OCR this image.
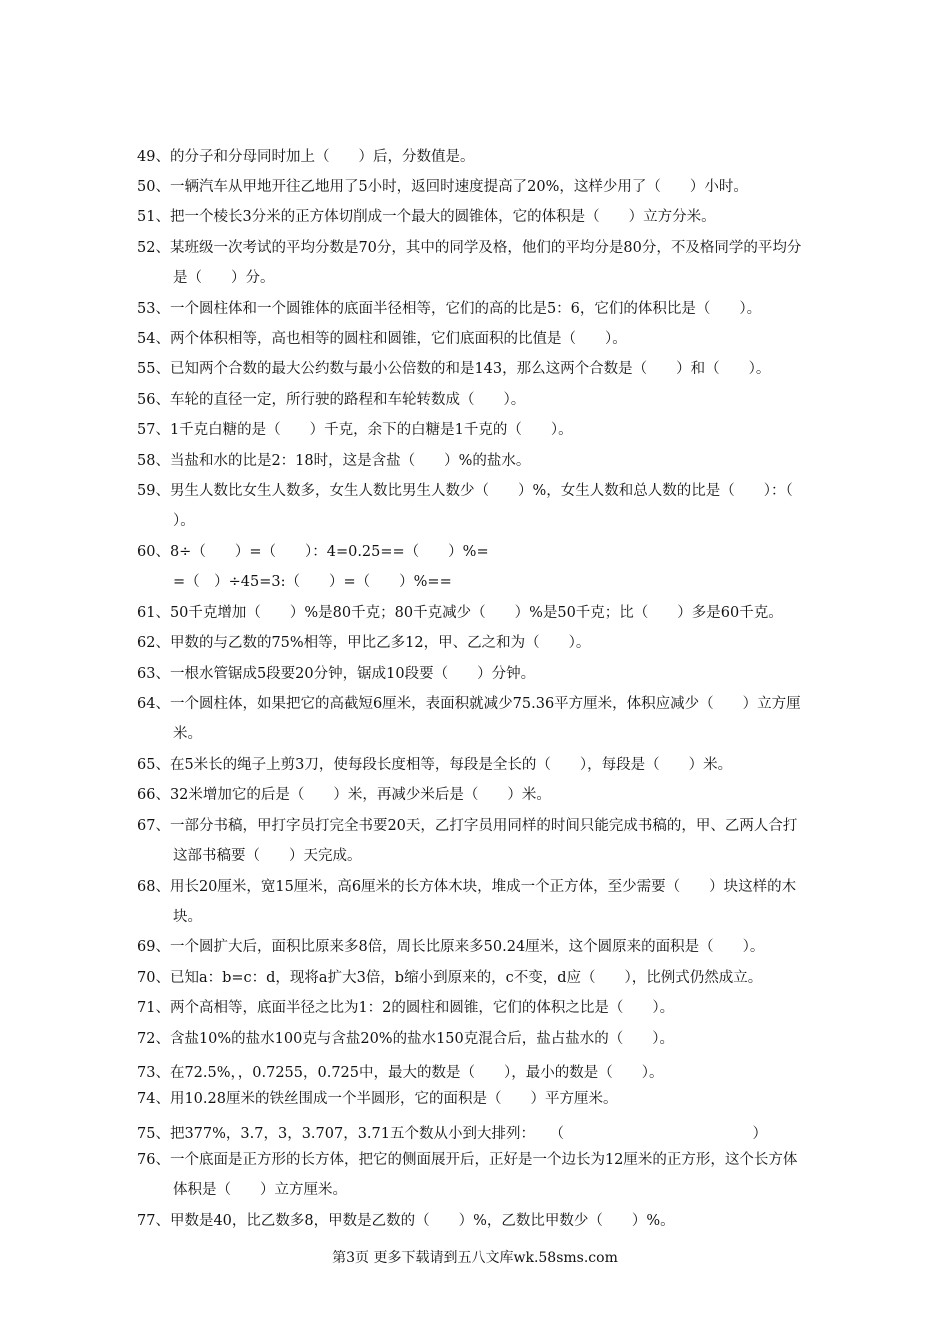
49、的分子和分母同时加上（　　）后，分数值是。
50、一辆汽车从甲地开往乙地用了5小时，返回时速度提高了20%，这样少用了（　　）小时。
51、把一个棱长3分米的正方体切削成一个最大的圆锥体，它的体积是（　　）立方分米。
52、某班级一次考试的平均分数是70分，其中的同学及格，他们的平均分是80分，不及格同学的平均分
是（　　）分。
53、一个圆柱体和一个圆锥体的底面半径相等，它们的高的比是5：6，它们的体积比是（　　）。
54、两个体积相等，高也相等的圆柱和圆锥，它们底面积的比值是（　　）。
55、已知两个合数的最大公约数与最小公倍数的和是143，那么这两个合数是（　　）和（　　）。
56、车轮的直径一定，所行驶的路程和车轮转数成（　　）。
57、1千克白糖的是（　　）千克，余下的白糖是1千克的（　　）。
58、当盐和水的比是2：18时，这是含盐（　　）%的盐水。
59、男生人数比女生人数多，女生人数比男生人数少（　　）%，女生人数和总人数的比是（　　）：（
）。
60、8÷（　　）=（　　）：4=0.25==（　　）%=
=（　）÷45=3:（　　）=（　　）%==
61、50千克增加（　　）%是80千克；80千克减少（　　）%是50千克；比（　　）多是60千克。
62、甲数的与乙数的75%相等，甲比乙多12，甲、乙之和为（　　）。
63、一根水管锯成5段要20分钟，锯成10段要（　　）分钟。
64、一个圆柱体，如果把它的高截短6厘米，表面积就减少75.36平方厘米，体积应减少（　　）立方厘
米。
65、在5米长的绳子上剪3刀，使每段长度相等，每段是全长的（　　），每段是（　　）米。
66、32米增加它的后是（　　）米，再减少米后是（　　）米。
67、一部分书稿，甲打字员打完全书要20天，乙打字员用同样的时间只能完成书稿的，甲、乙两人合打
这部书稿要（　　）天完成。
68、用长20厘米，宽15厘米，高6厘米的长方体木块，堆成一个正方体，至少需要（　　）块这样的木
块。
69、一个圆扩大后，面积比原来多8倍，周长比原来多50.24厘米，这个圆原来的面积是（　　）。
70、已知a：b=c：d，现将a扩大3倍，b缩小到原来的，c不变，d应（　　），比例式仍然成立。
71、两个高相等，底面半径之比为1：2的圆柱和圆锥，它们的体积之比是（　　）。
72、含盐10%的盐水100克与含盐20%的盐水150克混合后，盐占盐水的（　　）。
73、在72.5%，，0.7255，0.725中，最大的数是（　　），最小的数是（　　）。
74、用10.28厘米的铁丝围成一个半圆形，它的面积是（　　）平方厘米。
75、把377%，3.7，3，3.707，3.71五个数从小到大排列：　　（　　　　　　　　　　　　　）
76、一个底面是正方形的长方体，把它的侧面展开后，正好是一个边长为12厘米的正方形，这个长方体
体积是（　　）立方厘米。
77、甲数是40，比乙数多8，甲数是乙数的（　　）%，乙数比甲数少（　　）%。
第3页 更多下载请到五八文库wk.58sms.com
